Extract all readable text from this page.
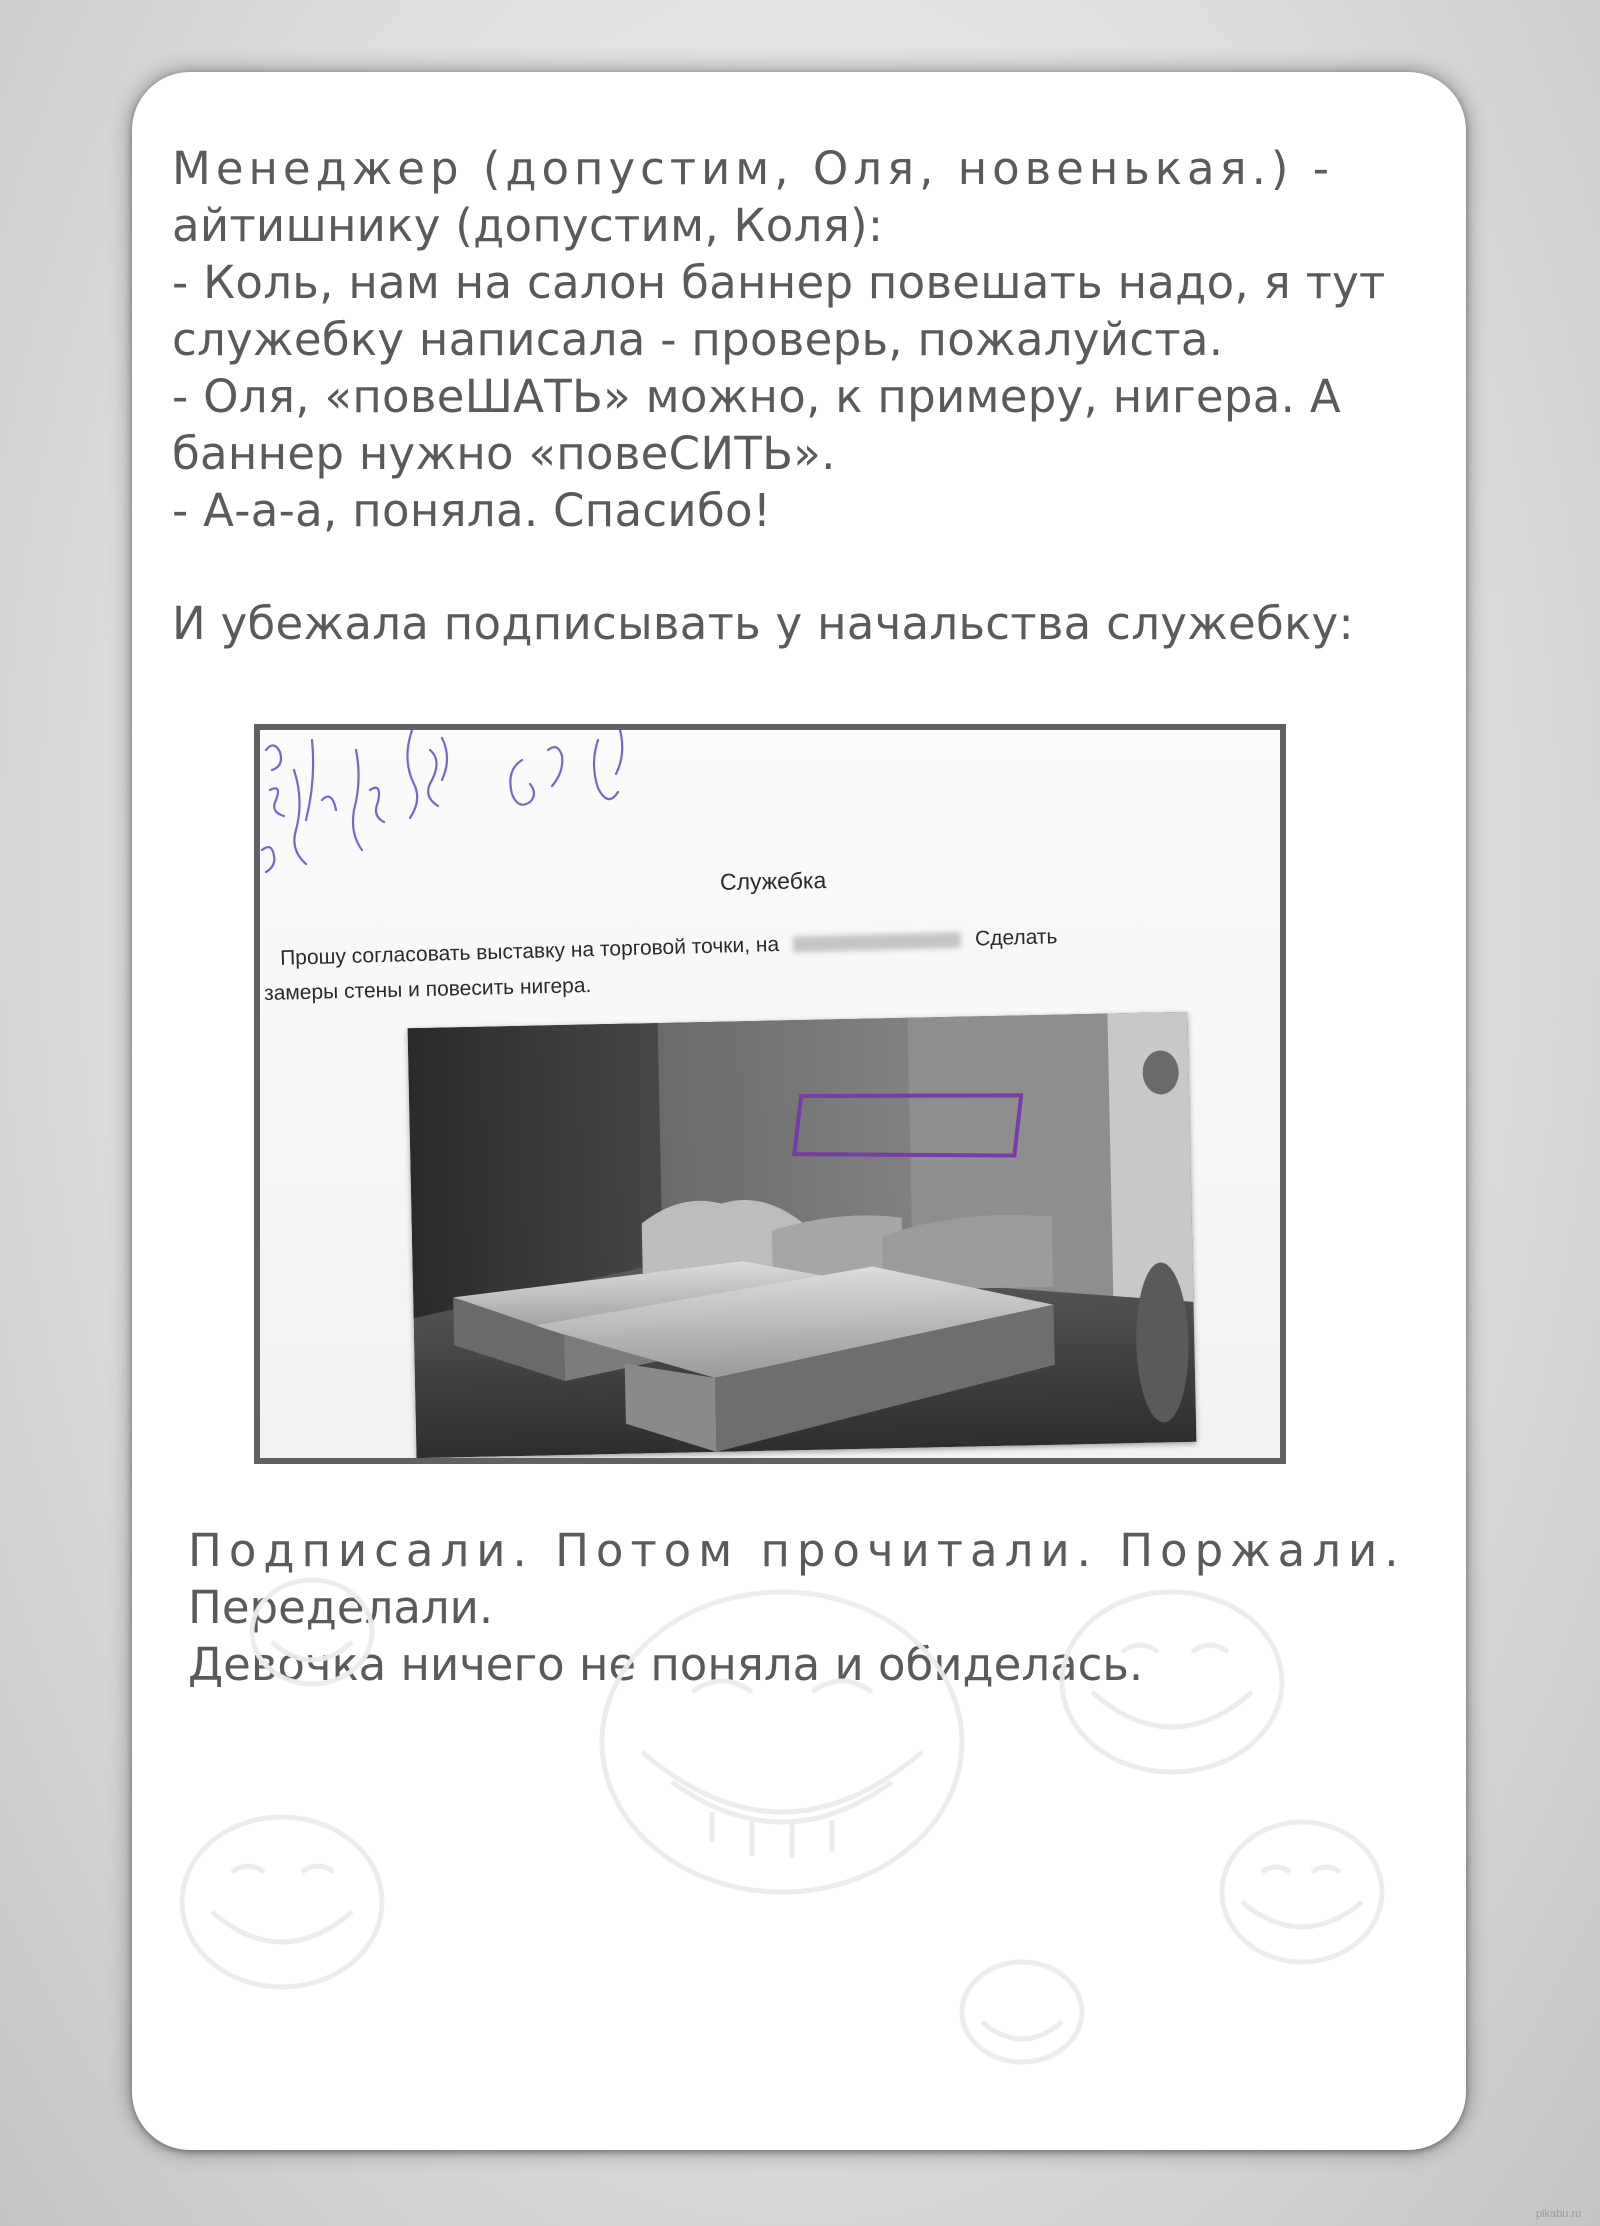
Менеджер (допустим, Оля, новенькая.) -
айтишнику (допустим, Коля):
- Коль, нам на салон баннер повешать надо, я тут
служебку написала - проверь, пожалуйста.
- Оля, «повеШАТЬ» можно, к примеру, нигера. А
баннер нужно «повеСИТЬ».
- А-а-а, поняла. Спасибо!
И убежала подписывать у начальства служебку:
Служебка
Прошу согласовать выставку на торговой точки, на	Сделать
замеры стены и повесить нигера.
Подписали. Потом прочитали. Поржали.
Переделали.
Девочка ничего не поняла и обиделась.
pikabu.ru
